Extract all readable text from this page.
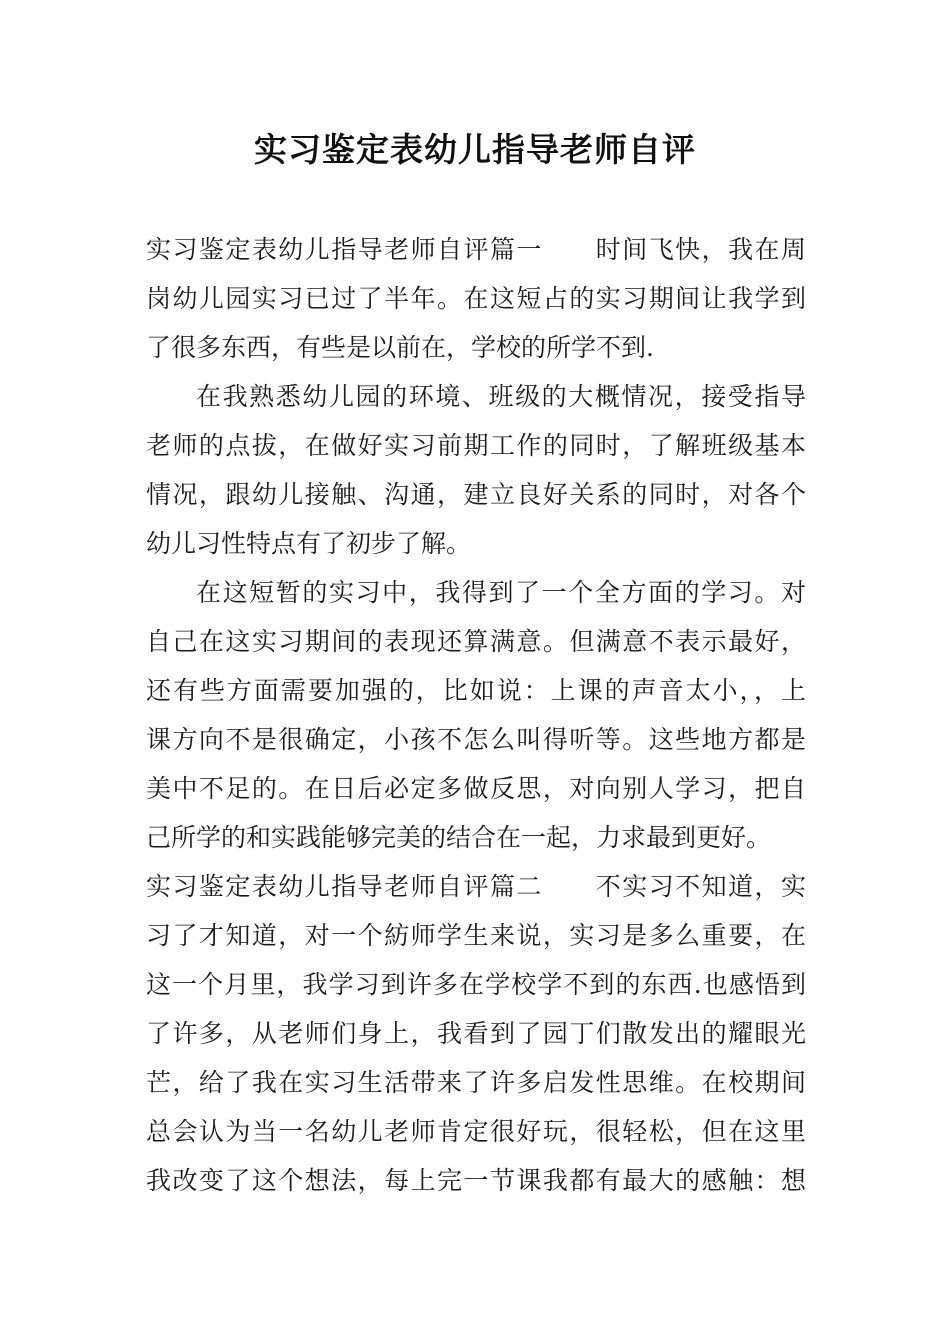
实习鉴定表幼儿指导老师自评
实习鉴定表幼儿指导老师自评篇一　　时间飞快，我在周
岗幼儿园实习已过了半年。在这短占的实习期间让我学到
了很多东西，有些是以前在，学校的所学不到.
在我熟悉幼儿园的环境、班级的大概情况，接受指导
老师的点拔，在做好实习前期工作的同时，了解班级基本
情况，跟幼儿接触、沟通，建立良好关系的同时，对各个
幼儿习性特点有了初步了解。
在这短暂的实习中，我得到了一个全方面的学习。对
自己在这实习期间的表现还算满意。但满意不表示最好，
还有些方面需要加强的，比如说：上课的声音太小，，上
课方向不是很确定，小孩不怎么叫得听等。这些地方都是
美中不足的。在日后必定多做反思，对向别人学习，把自
己所学的和实践能够完美的结合在一起，力求最到更好。
实习鉴定表幼儿指导老师自评篇二　　不实习不知道，实
习了才知道，对一个紡师学生来说，实习是多么重要，在
这一个月里，我学习到许多在学校学不到的东西.也感悟到
了许多，从老师们身上，我看到了园丁们散发出的耀眼光
芒，给了我在实习生活带来了许多启发性思维。在校期间
总会认为当一名幼儿老师肯定很好玩，很轻松，但在这里
我改变了这个想法，每上完一节课我都有最大的感触：想
